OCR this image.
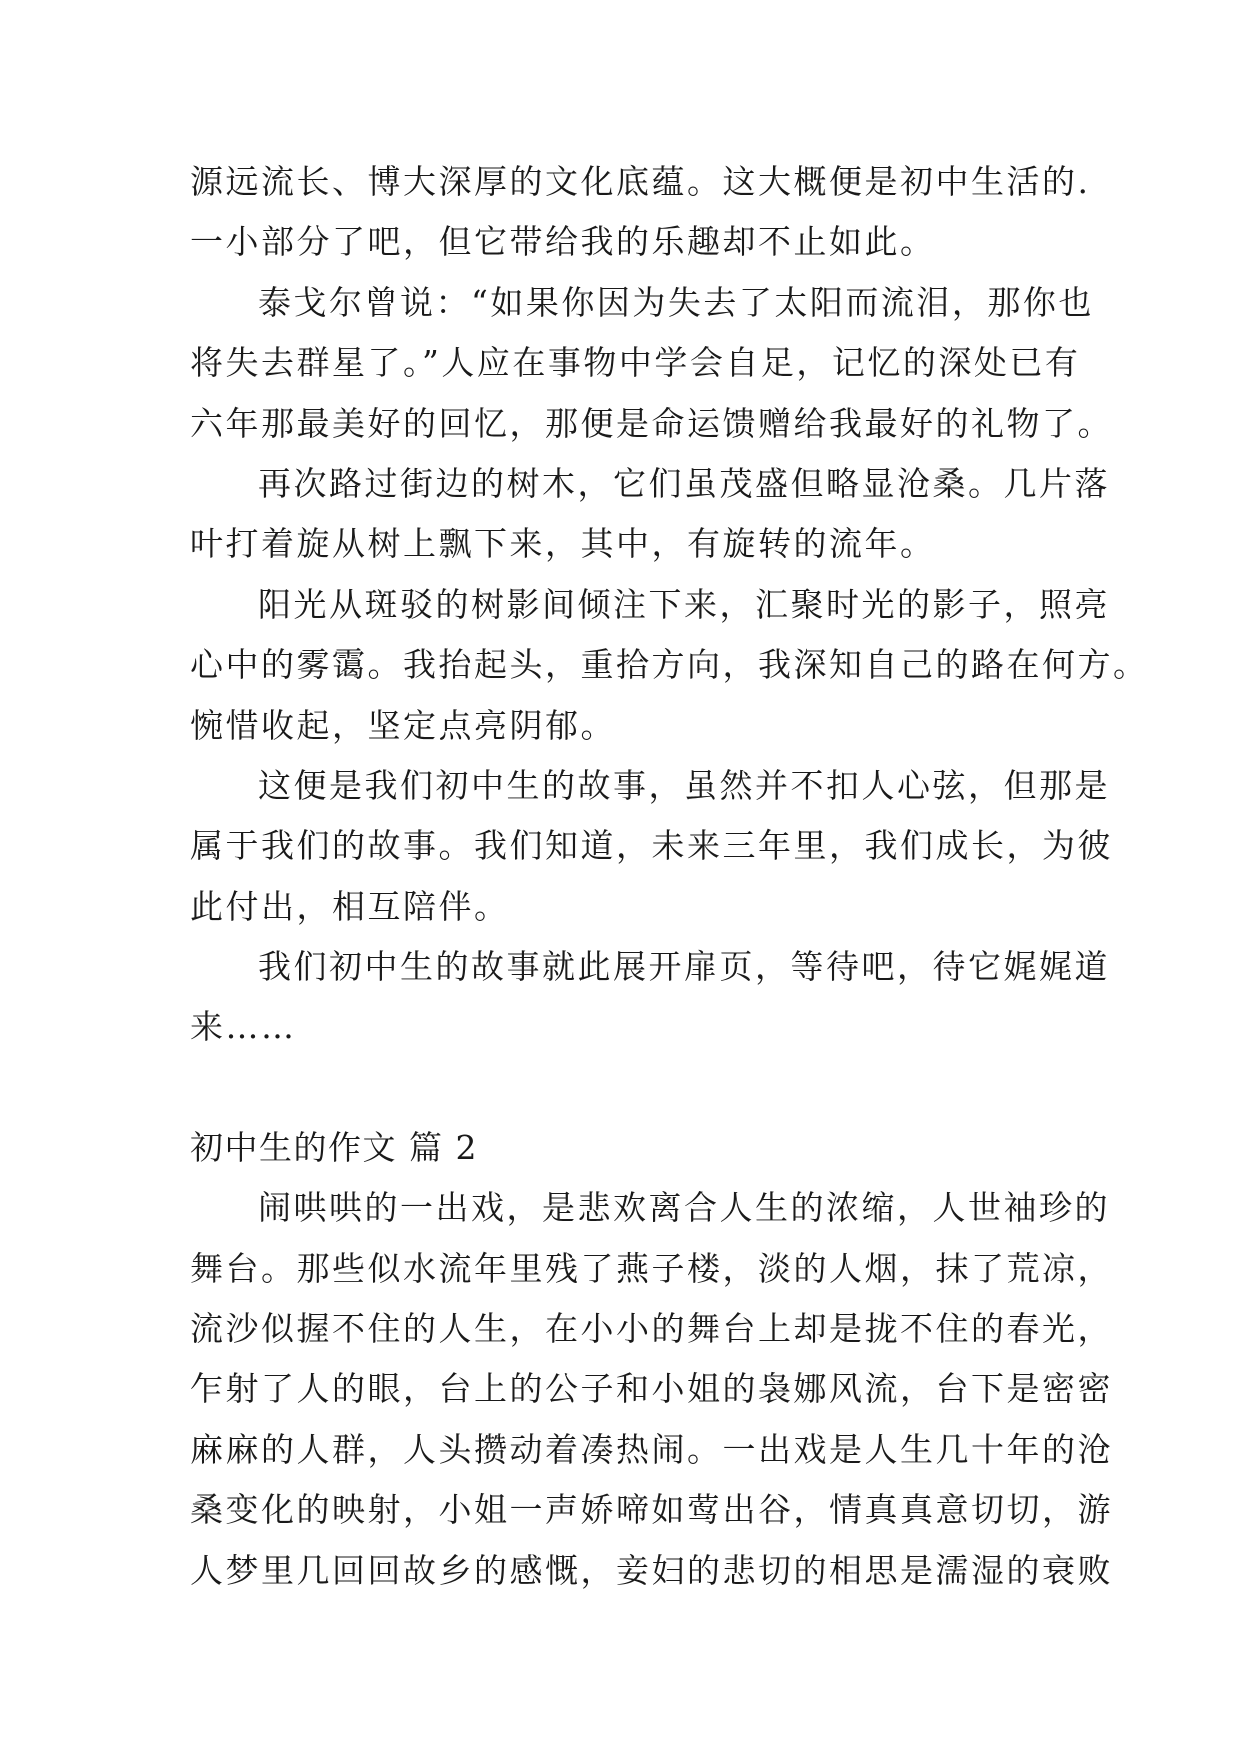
源远流长、博大深厚的文化底蕴。这大概便是初中生活的.
一小部分了吧，但它带给我的乐趣却不止如此。
泰戈尔曾说：“如果你因为失去了太阳而流泪，那你也
将失去群星了。”人应在事物中学会自足，记忆的深处已有
六年那最美好的回忆，那便是命运馈赠给我最好的礼物了。
再次路过街边的树木，它们虽茂盛但略显沧桑。几片落
叶打着旋从树上飘下来，其中，有旋转的流年。
阳光从斑驳的树影间倾注下来，汇聚时光的影子，照亮
心中的雾霭。我抬起头，重拾方向，我深知自己的路在何方。
惋惜收起，坚定点亮阴郁。
这便是我们初中生的故事，虽然并不扣人心弦，但那是
属于我们的故事。我们知道，未来三年里，我们成长，为彼
此付出，相互陪伴。
我们初中生的故事就此展开扉页，等待吧，待它娓娓道
来……
初中生的作文 篇 2
闹哄哄的一出戏，是悲欢离合人生的浓缩，人世袖珍的
舞台。那些似水流年里残了燕子楼，淡的人烟，抹了荒凉，
流沙似握不住的人生，在小小的舞台上却是拢不住的春光，
乍射了人的眼，台上的公子和小姐的袅娜风流，台下是密密
麻麻的人群，人头攒动着凑热闹。一出戏是人生几十年的沧
桑变化的映射，小姐一声娇啼如莺出谷，情真真意切切，游
人梦里几回回故乡的感慨，妾妇的悲切的相思是濡湿的衰败
